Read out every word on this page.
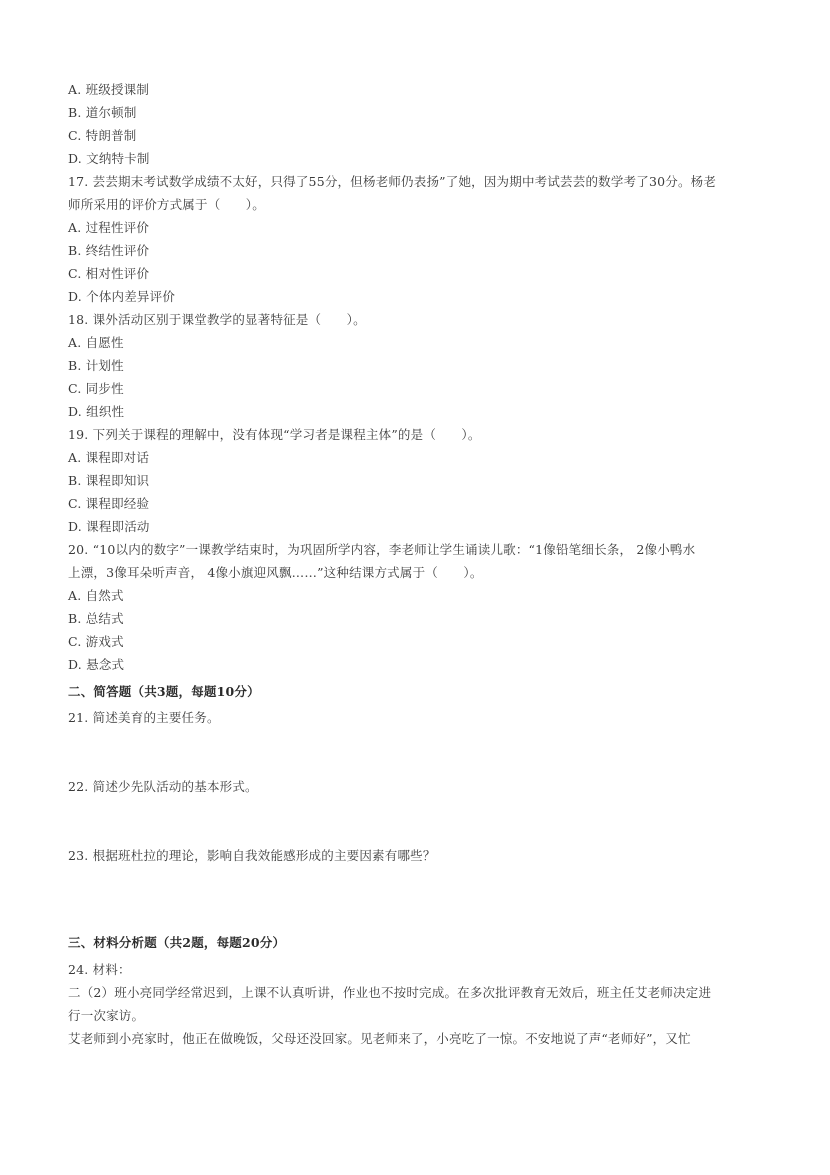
A. 班级授课制
B. 道尔顿制
C. 特朗普制
D. 文纳特卡制
17. 芸芸期末考试数学成绩不太好，只得了55分，但杨老师仍表扬”了她，因为期中考试芸芸的数学考了30分。杨老
师所采用的评价方式属于（　　）。
A. 过程性评价
B. 终结性评价
C. 相对性评价
D. 个体内差异评价
18. 课外活动区别于课堂教学的显著特征是（　　）。
A. 自愿性
B. 计划性
C. 同步性
D. 组织性
19. 下列关于课程的理解中，没有体现“学习者是课程主体”的是（　　）。
A. 课程即对话
B. 课程即知识
C. 课程即经验
D. 课程即活动
20. “10以内的数字”一课教学结束时，为巩固所学内容，李老师让学生诵读儿歌：“1像铅笔细长条， 2像小鸭水
上漂，3像耳朵听声音， 4像小旗迎风飘……”这种结课方式属于（　　）。
A. 自然式
B. 总结式
C. 游戏式
D. 悬念式
二、简答题（共3题，每题10分）
21. 简述美育的主要任务。
22. 简述少先队活动的基本形式。
23. 根据班杜拉的理论，影响自我效能感形成的主要因素有哪些？
三、材料分析题（共2题，每题20分）
24. 材料：
二（2）班小亮同学经常迟到，上课不认真听讲，作业也不按时完成。在多次批评教育无效后，班主任艾老师决定进
行一次家访。
艾老师到小亮家时，他正在做晚饭，父母还没回家。见老师来了，小亮吃了一惊。不安地说了声“老师好”，又忙
